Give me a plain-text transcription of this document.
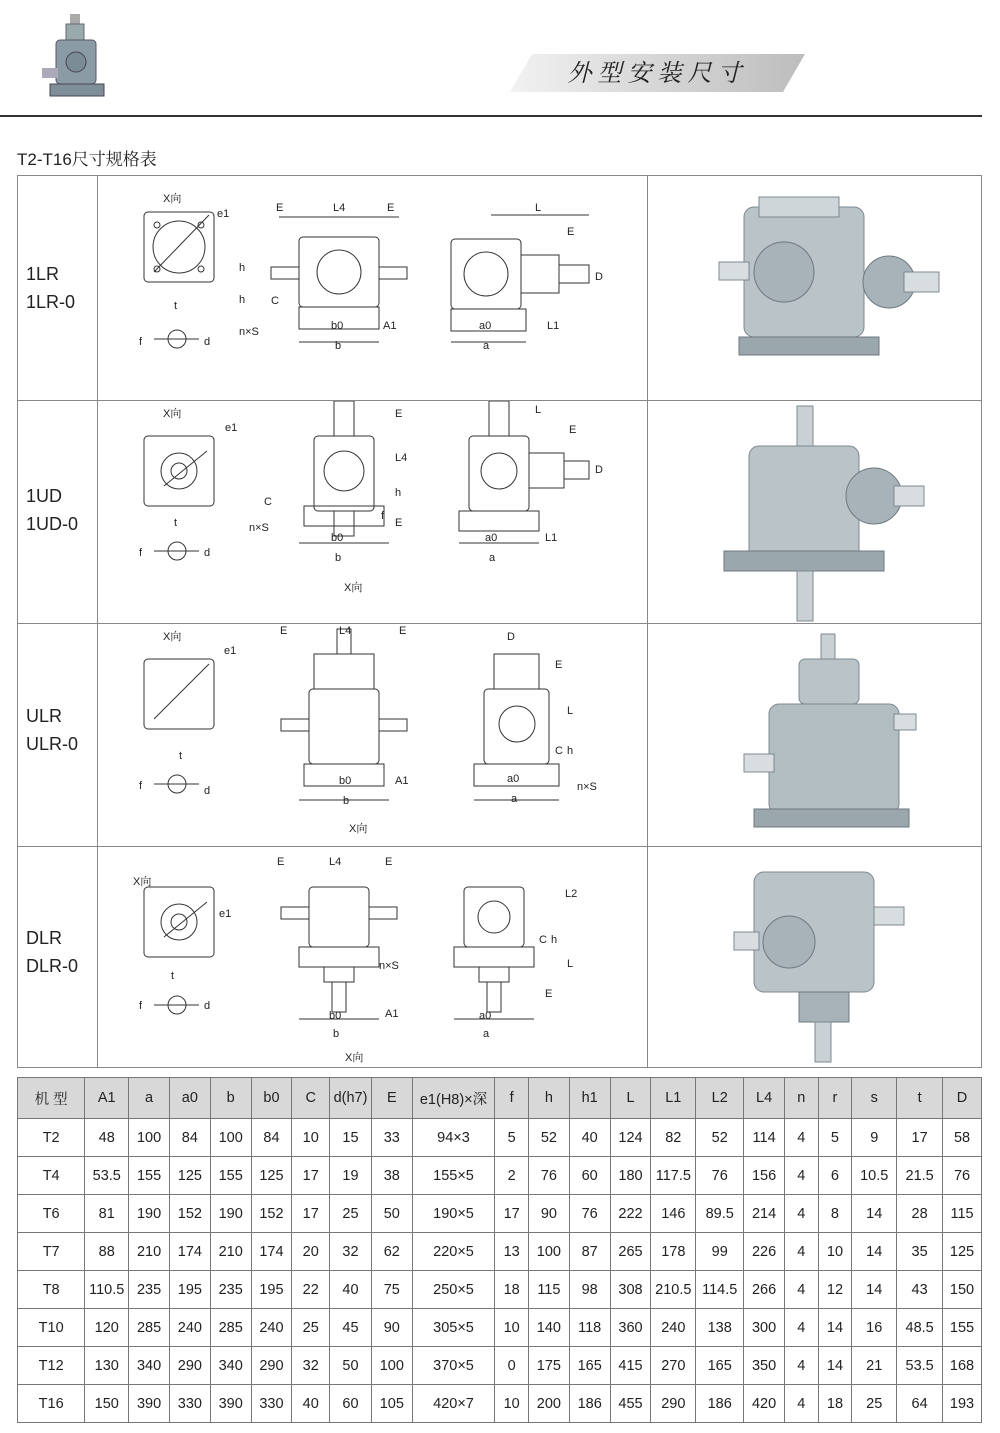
外型安装尺寸
T2-T16尺寸规格表
1LR
1LR-0
1UD
1UD-0
ULR
ULR-0
DLR
DLR-0
X向
e1
t
f	d
E	L4	E
h
h C
n×S	b0
b
A1
L
E
D
a0
a
L1
X向
e1
t
f	d
E
L4
h
f
E
C
n×S
b0
b
X向
L
E
D
a0
a
L1
X向
e1
t
f	d
E	L4	E
b0
b
A1
X向
D
E
L
C h
n×S
a0
a
X向
e1
t
f	d
E	L4	E
n×S
b0
b
A1
X向
L2
C h
L
E
a0
a
机 型	A1	a	a0	b	b0	C	d(h7)	E	e1(H8)×深	f	h	h1	L	L1	L2	L4	n	r	s	t	D
T2	48	100	84	100	84	10	15	33	94×3	5	52	40	124	82	52	114	4	5	9	17	58
T4	53.5	155	125	155	125	17	19	38	155×5	2	76	60	180	117.5	76	156	4	6	10.5	21.5	76
T6	81	190	152	190	152	17	25	50	190×5	17	90	76	222	146	89.5	214	4	8	14	28	115
T7	88	210	174	210	174	20	32	62	220×5	13	100	87	265	178	99	226	4	10	14	35	125
T8	110.5	235	195	235	195	22	40	75	250×5	18	115	98	308	210.5	114.5	266	4	12	14	43	150
T10	120	285	240	285	240	25	45	90	305×5	10	140	118	360	240	138	300	4	14	16	48.5	155
T12	130	340	290	340	290	32	50	100	370×5	0	175	165	415	270	165	350	4	14	21	53.5	168
T16	150	390	330	390	330	40	60	105	420×7	10	200	186	455	290	186	420	4	18	25	64	193
